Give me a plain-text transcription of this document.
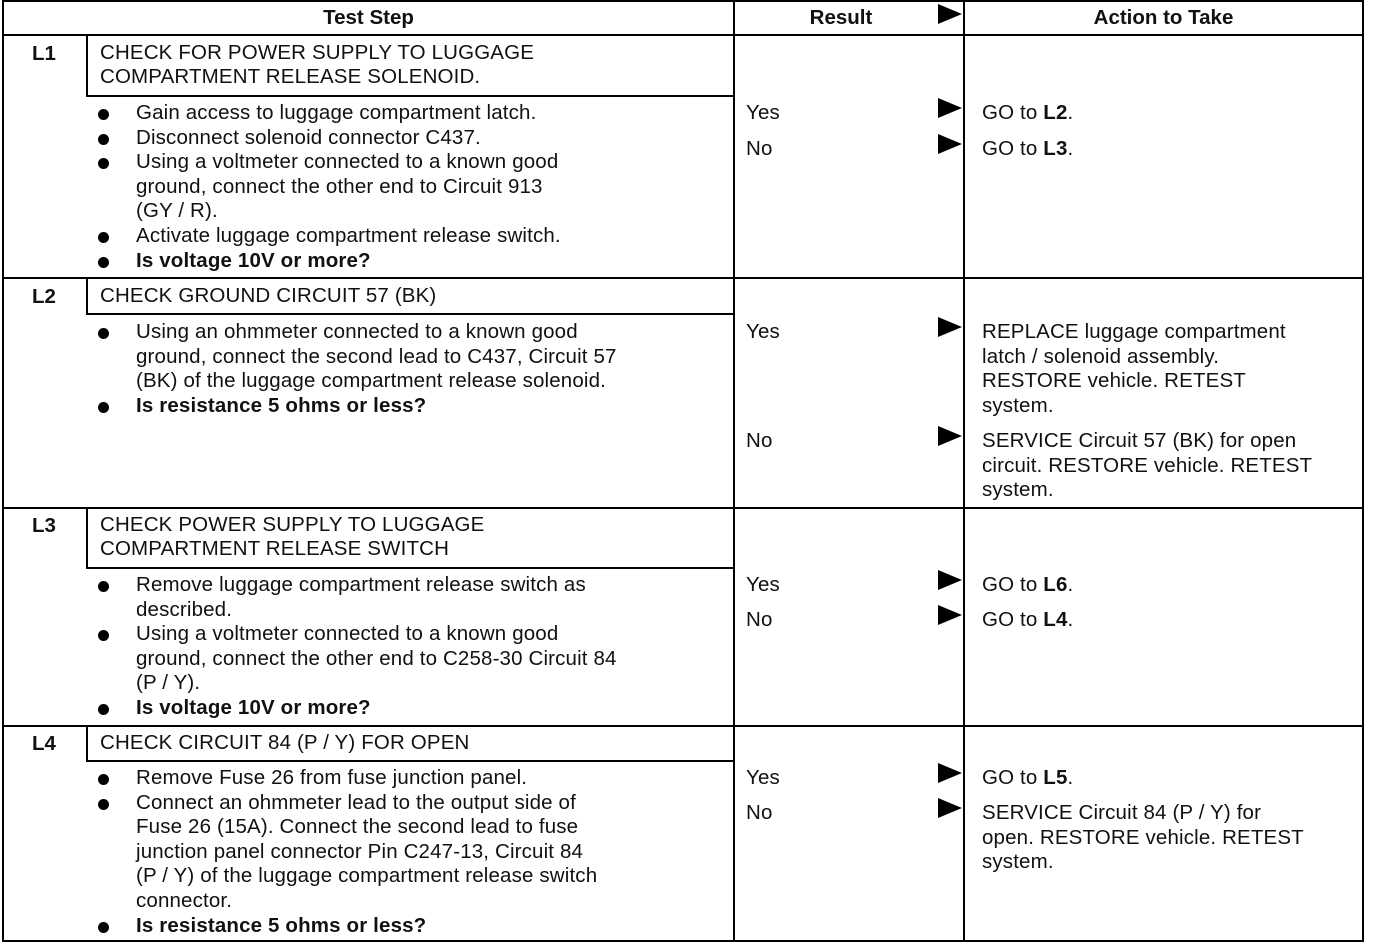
Test Step	Result	Action to Take
L1	CHECK FOR POWER SUPPLY TO LUGGAGE
COMPARTMENT RELEASE SOLENOID.
Gain access to luggage compartment latch.
Disconnect solenoid connector C437.
Using a voltmeter connected to a known good
ground, connect the other end to Circuit 913
(GY / R).
Activate luggage compartment release switch.
Is voltage 10V or more?
Yes	GO to L2.
No	GO to L3.
L2	CHECK GROUND CIRCUIT 57 (BK)
Using an ohmmeter connected to a known good
ground, connect the second lead to C437, Circuit 57
(BK) of the luggage compartment release solenoid.
Is resistance 5 ohms or less?
Yes	REPLACE luggage compartment
latch / solenoid assembly.
RESTORE vehicle. RETEST
system.
No	SERVICE Circuit 57 (BK) for open
circuit. RESTORE vehicle. RETEST
system.
L3	CHECK POWER SUPPLY TO LUGGAGE
COMPARTMENT RELEASE SWITCH
Remove luggage compartment release switch as
described.
Using a voltmeter connected to a known good
ground, connect the other end to C258-30 Circuit 84
(P / Y).
Is voltage 10V or more?
Yes	GO to L6.
No	GO to L4.
L4	CHECK CIRCUIT 84 (P / Y) FOR OPEN
Remove Fuse 26 from fuse junction panel.
Connect an ohmmeter lead to the output side of
Fuse 26 (15A). Connect the second lead to fuse
junction panel connector Pin C247-13, Circuit 84
(P / Y) of the luggage compartment release switch
connector.
Is resistance 5 ohms or less?
Yes	GO to L5.
No	SERVICE Circuit 84 (P / Y) for
open. RESTORE vehicle. RETEST
system.
